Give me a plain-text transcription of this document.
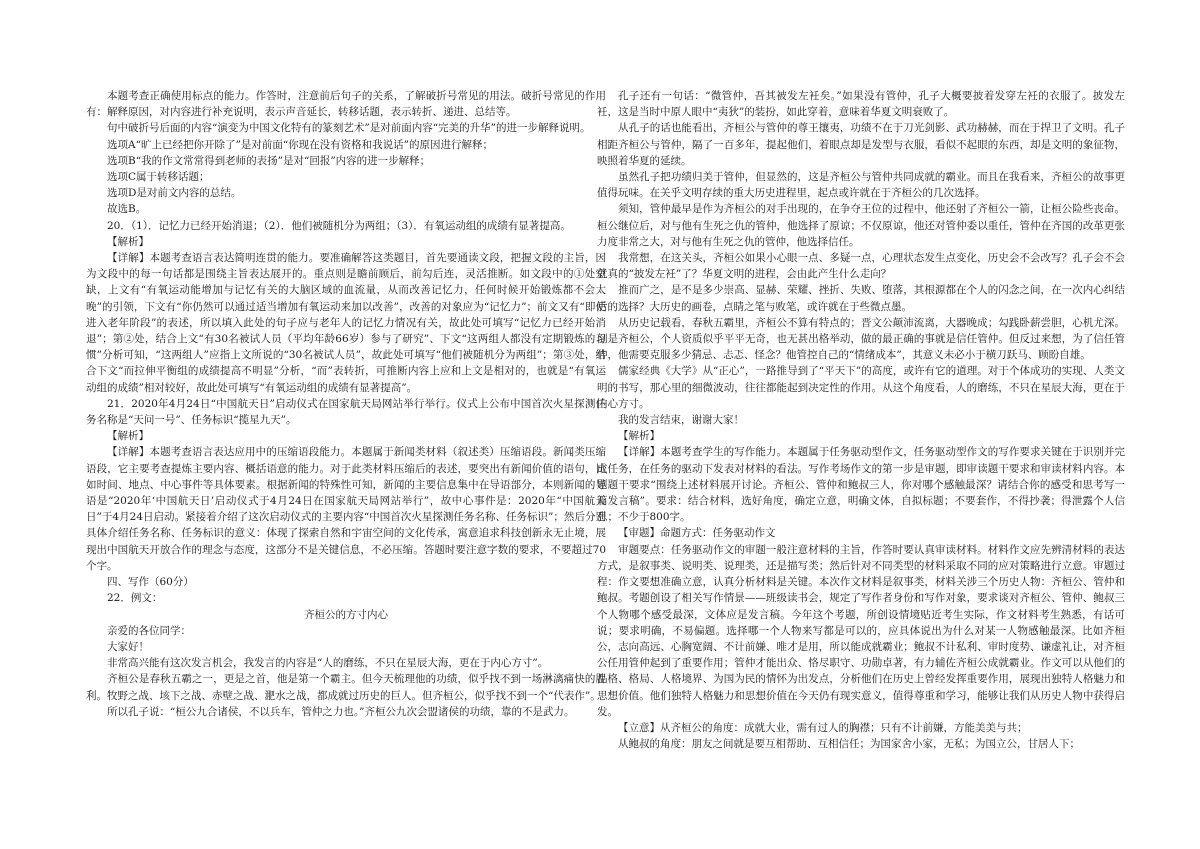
本题考查正确使用标点的能力。作答时，注意前后句子的关系，了解破折号常见的用法。破折号常见的作用有：解释原因，对内容进行补充说明，表示声音延长，转移话题，表示转折、递进、总结等。

句中破折号后面的内容“演变为中国文化特有的篆刻艺术”是对前面内容“完美的升华”的进一步解释说明。

选项A“旷上已经把你开除了”是对前面“你现在没有资格和我说话”的原因进行解释；

选项B“我的作文常常得到老师的表扬”是对“回报”内容的进一步解释；

选项C属于转移话题；

选项D是对前文内容的总结。

故选B。

20．（1）．记忆力已经开始消退；（2）．他们被随机分为两组；（3）．有氧运动组的成绩有显著提高。

【解析】

【详解】本题考查语言表达简明连贯的能力。要准确解答这类题目，首先要通读文段，把握文段的主旨，因为文段中的每一句话都是围绕主旨表达展开的。重点则是瞻前顾后，前勾后连，灵活推断。如文段中的①处空缺，上文有“有氧运动能增加与记忆有关的大脑区域的血流量，从而改善记忆力，任何时候开始锻炼都不会太晚”的引领，下文有“你仍然可以通过适当增加有氧运动来加以改善”，改善的对象应为“记忆力”；前文又有“即使进入老年阶段”的表述，所以填入此处的句子应与老年人的记忆力情况有关，故此处可填写“记忆力已经开始消退”；第②处，结合上文“有30名被试人员（平均年龄66岁）参与了研究”、下文“这两组人都没有定期锻炼的习惯”分析可知，“这两组人”应指上文所说的“30名被试人员”，故此处可填写“他们被随机分为两组”；第③处，结合下文“而拉伸平衡组的成绩提高不明显”分析，“而”表转折，可推断内容上应和上文是相对的，也就是“有氧运动组的成绩”相对较好，故此处可填写“有氧运动组的成绩有显著提高”。

21．2020年4月24日“中国航天日”启动仪式在国家航天局网站举行举行。仪式上公布中国首次火星探测任务名称是“天问一号”、任务标识“揽星九天”。

【解析】

【详解】本题考查语言表达应用中的压缩语段能力。本题属于新闻类材料（叙述类）压缩语段。新闻类压缩语段，它主要考查提炼主要内容、概括语意的能力。对于此类材料压缩后的表述，要突出有新闻价值的语句，比如时间、地点、中心事件等具体要素。根据新闻的特殊性可知，新闻的主要信息集中在导语部分，本则新闻的导语是“2020年‘中国航天日’启动仪式于4月24日在国家航天局网站举行”，故中心事件是：2020年“中国航天日”于4月24日启动。紧接着介绍了这次启动仪式的主要内容“中国首次火星探测任务名称、任务标识”；然后分别具体介绍任务名称、任务标识的意义：体现了探索自然和宇宙空间的文化传承，寓意追求科技创新永无止境，展现出中国航天开放合作的理念与态度，这部分不是关键信息，不必压缩。答题时要注意字数的要求，不要超过70个字。

四、写作（60分）

22．例文：

齐桓公的方寸内心

亲爱的各位同学：

大家好！

非常高兴能有这次发言机会，我发言的内容是“人的磨练，不只在星辰大海，更在于内心方寸”。

齐桓公是春秋五霸之一，更是之首，他是第一个霸主。但今天梳理他的功绩，似乎找不到一场淋漓痛快的胜利。牧野之战、垓下之战、赤壁之战、淝水之战，都成就过历史的巨人。但齐桓公，似乎找不到一个“代表作”。

所以孔子说：“桓公九合诸侯，不以兵车，管仲之力也。”齐桓公九次会盟诸侯的功绩，靠的不是武力。

孔子还有一句话：“微管仲，吾其被发左衽矣。”如果没有管仲，孔子大概要披着发穿左衽的衣服了。披发左衽，这是当时中原人眼中“夷狄”的装扮，如此穿着，意味着华夏文明衰败了。

从孔子的话也能看出，齐桓公与管仲的尊王攘夷，功绩不在于刀光剑影、武功赫赫，而在于捍卫了文明。孔子相距齐桓公与管仲，隔了一百多年，提起他们，着眼点却是发型与衣服，看似不起眼的东西，却是文明的象征物，映照着华夏的延续。

虽然孔子把功绩归美于管仲，但显然的，这是齐桓公与管仲共同成就的霸业。而且在我看来，齐桓公的故事更值得玩味。在关乎文明存续的重大历史进程里，起点或许就在于齐桓公的几次选择。

须知，管仲最早是作为齐桓公的对手出现的，在争夺王位的过程中，他还射了齐桓公一箭，让桓公险些丧命。桓公继位后，对与他有生死之仇的管仲，他选择了原谅；不仅原谅，他还对管仲委以重任，管仲在齐国的改革更张力度非常之大，对与他有生死之仇的管仲，他选择信任。

我常想，在这关头，齐桓公如果小心眼一点、多疑一点，心理状态发生点变化，历史会不会改写？孔子会不会就真的“披发左衽”了？华夏文明的进程，会由此产生什么走向？

推而广之，是不是多少崇高、显赫、荣耀、挫折、失败、堕落，其根源都在个人的闪念之间，在一次内心纠结后的选择？大历史的画卷，点睛之笔与败笔，或许就在于些微点墨。

从历史记载看，春秋五霸里，齐桓公不算有特点的；晋文公颠沛流离，大器晚成；勾践卧薪尝胆，心机尤深。倒是齐桓公，个人资质似乎平平无奇，也无甚出格举动，做的最正确的事就是信任管仲。但反过来想，为了信任管仲，他需要克服多少猜忌、忐忑、怪念？他管控自己的“情绪成本”，其意义未必小于横刀跃马、顾盼自雄。

儒家经典《大学》从“正心”，一路推导到了“平天下”的高度，或许有它的道理。对于个体成功的实现、人类文明的书写，那心里的细微波动，往往都能起到决定性的作用。从这个角度看，人的磨练，不只在星辰大海，更在于内心方寸。

我的发言结束，谢谢大家！

【解析】

【详解】本题考查学生的写作能力。本题属于任务驱动型作文，任务驱动型作文的写作要求关键在于识别并完成任务，在任务的驱动下发表对材料的看法。写作考场作文的第一步是审题，即审读题干要求和审读材料内容。本题题干要求“围绕上述材料展开讨论。齐桓公、管仲和鲍叔三人，你对哪个感触最深？请结合你的感受和思考写一篇发言稿”。要求：结合材料，选好角度，确定立意，明确文体，自拟标题；不要套作，不得抄袭；得泄露个人信息；不少于800字。

【审题】命题方式：任务驱动作文

审题要点：任务驱动作文的审题一般注意材料的主旨，作答时要认真审读材料。材料作文应先辨清材料的表达方式，是叙事类、说明类、说理类，还是描写类；然后针对不同类型的材料采取不同的应对策略进行立意。审题过程：作文要想准确立意，认真分析材料是关键。本次作文材料是叙事类，材料关涉三个历史人物：齐桓公、管仲和鲍叔。考题创设了相关写作情景——班级读书会，规定了写作者身份和写作对象，要求谈对齐桓公、管仲、鲍叔三个人物哪个感受最深，文体应是发言稿。今年这个考题，所创设情境贴近考生实际，作文材料考生熟悉，有话可说；要求明确，不易偏题。选择哪一个人物来写都是可以的，应具体说出为什么对某一人物感触最深。比如齐桓公，志向高远、心胸宽阔、不计前嫌、唯才是用，所以能成就霸业；鲍叔不计私利、审时度势、谦虚礼让，对齐桓公任用管仲起到了重要作用；管仲才能出众、恪尽职守、功勋卓著，有力辅佐齐桓公成就霸业。作文可以从他们的品格、格局、人格境界、为国为民的情怀为出发点，分析他们在历史上曾经发挥重要作用，展现出独特人格魅力和思想价值。他们独特人格魅力和思想价值在今天仍有现实意义，值得尊重和学习，能够让我们从历史人物中获得启发。

【立意】从齐桓公的角度：成就大业，需有过人的胸襟；只有不计前嫌，方能美美与共；

从鲍叔的角度：朋友之间就是要互相帮助、互相信任；为国家舍小家，无私；为国立公，甘居人下；
